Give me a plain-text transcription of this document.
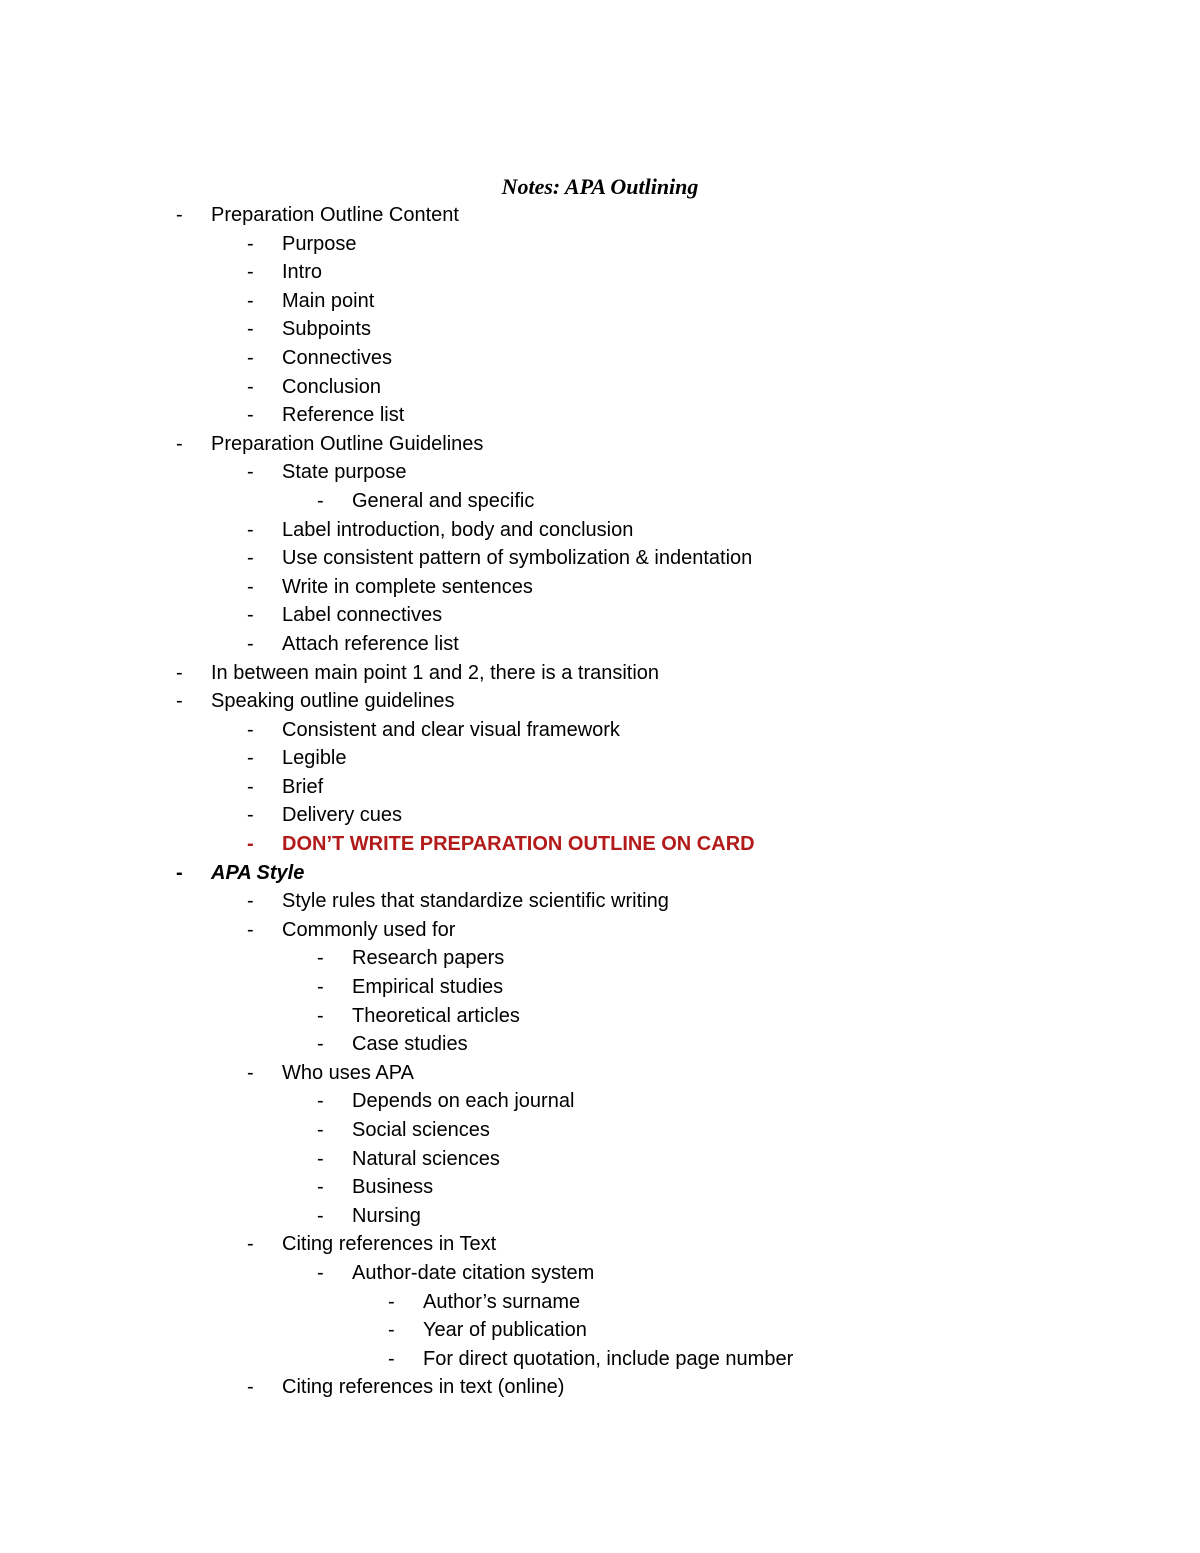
Notes: APA Outlining
- Preparation Outline Content
- Purpose
- Intro
- Main point
- Subpoints
- Connectives
- Conclusion
- Reference list
- Preparation Outline Guidelines
- State purpose
- General and specific
- Label introduction, body and conclusion
- Use consistent pattern of symbolization & indentation
- Write in complete sentences
- Label connectives
- Attach reference list
- In between main point 1 and 2, there is a transition
- Speaking outline guidelines
- Consistent and clear visual framework
- Legible
- Brief
- Delivery cues
- DON’T WRITE PREPARATION OUTLINE ON CARD
- APA Style
- Style rules that standardize scientific writing
- Commonly used for
- Research papers
- Empirical studies
- Theoretical articles
- Case studies
- Who uses APA
- Depends on each journal
- Social sciences
- Natural sciences
- Business
- Nursing
- Citing references in Text
- Author-date citation system
- Author’s surname
- Year of publication
- For direct quotation, include page number
- Citing references in text (online)
